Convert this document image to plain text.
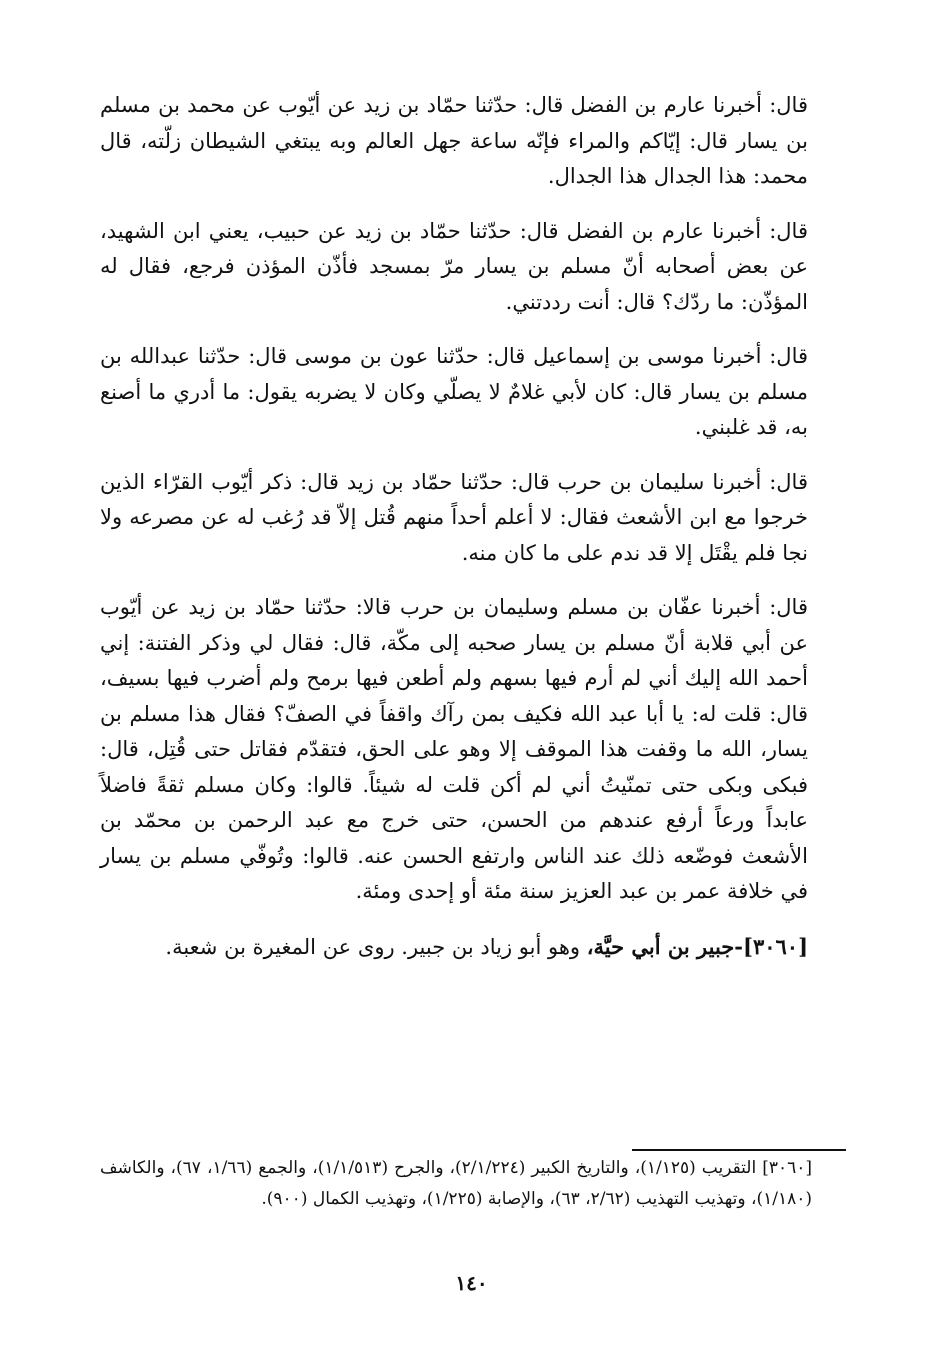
قال: أخبرنا عارم بن الفضل قال: حدّثنا حمّاد بن زيد عن أيّوب عن محمد بن مسلم بن يسار قال: إيّاكم والمراء فإنّه ساعة جهل العالم وبه يبتغي الشيطان زلّته، قال محمد: هذا الجدال هذا الجدال.

قال: أخبرنا عارم بن الفضل قال: حدّثنا حمّاد بن زيد عن حبيب، يعني ابن الشهيد، عن بعض أصحابه أنّ مسلم بن يسار مرّ بمسجد فأذّن المؤذن فرجع، فقال له المؤذّن: ما ردّك؟ قال: أنت رددتني.

قال: أخبرنا موسى بن إسماعيل قال: حدّثنا عون بن موسى قال: حدّثنا عبدالله بن مسلم بن يسار قال: كان لأبي غلامٌ لا يصلّي وكان لا يضربه يقول: ما أدري ما أصنع به، قد غلبني.

قال: أخبرنا سليمان بن حرب قال: حدّثنا حمّاد بن زيد قال: ذكر أيّوب القرّاء الذين خرجوا مع ابن الأشعث فقال: لا أعلم أحداً منهم قُتل إلاّ قد رُغب له عن مصرعه ولا نجا فلم يقْتَل إلا قد ندم على ما كان منه.

قال: أخبرنا عفّان بن مسلم وسليمان بن حرب قالا: حدّثنا حمّاد بن زيد عن أيّوب عن أبي قلابة أنّ مسلم بن يسار صحبه إلى مكّة، قال: فقال لي وذكر الفتنة: إني أحمد الله إليك أني لم أرم فيها بسهم ولم أطعن فيها برمح ولم أضرب فيها بسيف، قال: قلت له: يا أبا عبد الله فكيف بمن رآك واقفاً في الصفّ؟ فقال هذا مسلم بن يسار، الله ما وقفت هذا الموقف إلا وهو على الحق، فتقدّم فقاتل حتى قُتِل، قال: فبكى وبكى حتى تمنّيتُ أني لم أكن قلت له شيئاً. قالوا: وكان مسلم ثقةً فاضلاً عابداً ورعاً أرفع عندهم من الحسن، حتى خرج مع عبد الرحمن بن محمّد بن الأشعث فوضّعه ذلك عند الناس وارتفع الحسن عنه. قالوا: وتُوفّي مسلم بن يسار في خلافة عمر بن عبد العزيز سنة مئة أو إحدى ومئة.

[٣٠٦٠]-جبير بن أبي حيَّة، وهو أبو زياد بن جبير. روى عن المغيرة بن شعبة.

[٣٠٦٠] التقريب (١/١٢٥)، والتاريخ الكبير (٢/١/٢٢٤)، والجرح (١/١/٥١٣)، والجمع (١/٦٦، ٦٧)، والكاشف (١/١٨٠)، وتهذيب التهذيب (٢/٦٢، ٦٣)، والإصابة (١/٢٢٥)، وتهذيب الكمال (٩٠٠).
١٤٠
